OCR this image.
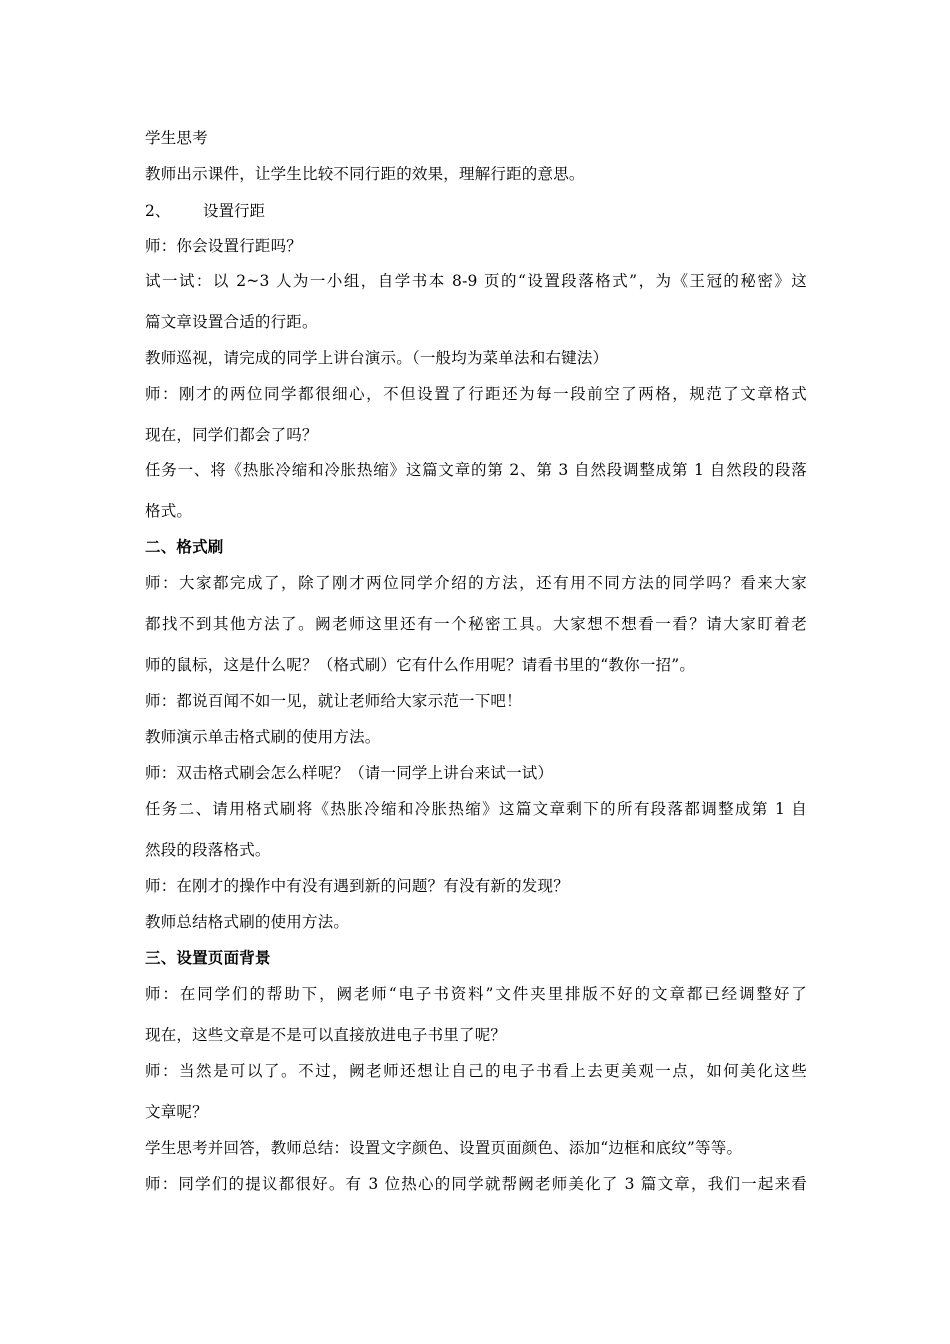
学生思考
教师出示课件，让学生比较不同行距的效果，理解行距的意思。
2、 设置行距
师：你会设置行距吗？
试一试：以 2~3 人为一小组，自学书本 8-9 页的“设置段落格式”，为《王冠的秘密》这
篇文章设置合适的行距。
教师巡视，请完成的同学上讲台演示。（一般均为菜单法和右键法）
师：刚才的两位同学都很细心，不但设置了行距还为每一段前空了两格，规范了文章格式
现在，同学们都会了吗？
任务一、将《热胀冷缩和冷胀热缩》这篇文章的第 2、第 3 自然段调整成第 1 自然段的段落
格式。
二、格式刷
师：大家都完成了，除了刚才两位同学介绍的方法，还有用不同方法的同学吗？看来大家
都找不到其他方法了。阙老师这里还有一个秘密工具。大家想不想看一看？请大家盯着老
师的鼠标，这是什么呢？（格式刷）它有什么作用呢？请看书里的“教你一招”。
师：都说百闻不如一见，就让老师给大家示范一下吧！
教师演示单击格式刷的使用方法。
师：双击格式刷会怎么样呢？（请一同学上讲台来试一试）
任务二、请用格式刷将《热胀冷缩和冷胀热缩》这篇文章剩下的所有段落都调整成第 1 自
然段的段落格式。
师：在刚才的操作中有没有遇到新的问题？有没有新的发现？
教师总结格式刷的使用方法。
三、设置页面背景
师：在同学们的帮助下，阙老师“电子书资料”文件夹里排版不好的文章都已经调整好了
现在，这些文章是不是可以直接放进电子书里了呢？
师：当然是可以了。不过，阙老师还想让自己的电子书看上去更美观一点，如何美化这些
文章呢？
学生思考并回答，教师总结：设置文字颜色、设置页面颜色、添加“边框和底纹”等等。
师：同学们的提议都很好。有 3 位热心的同学就帮阙老师美化了 3 篇文章，我们一起来看
